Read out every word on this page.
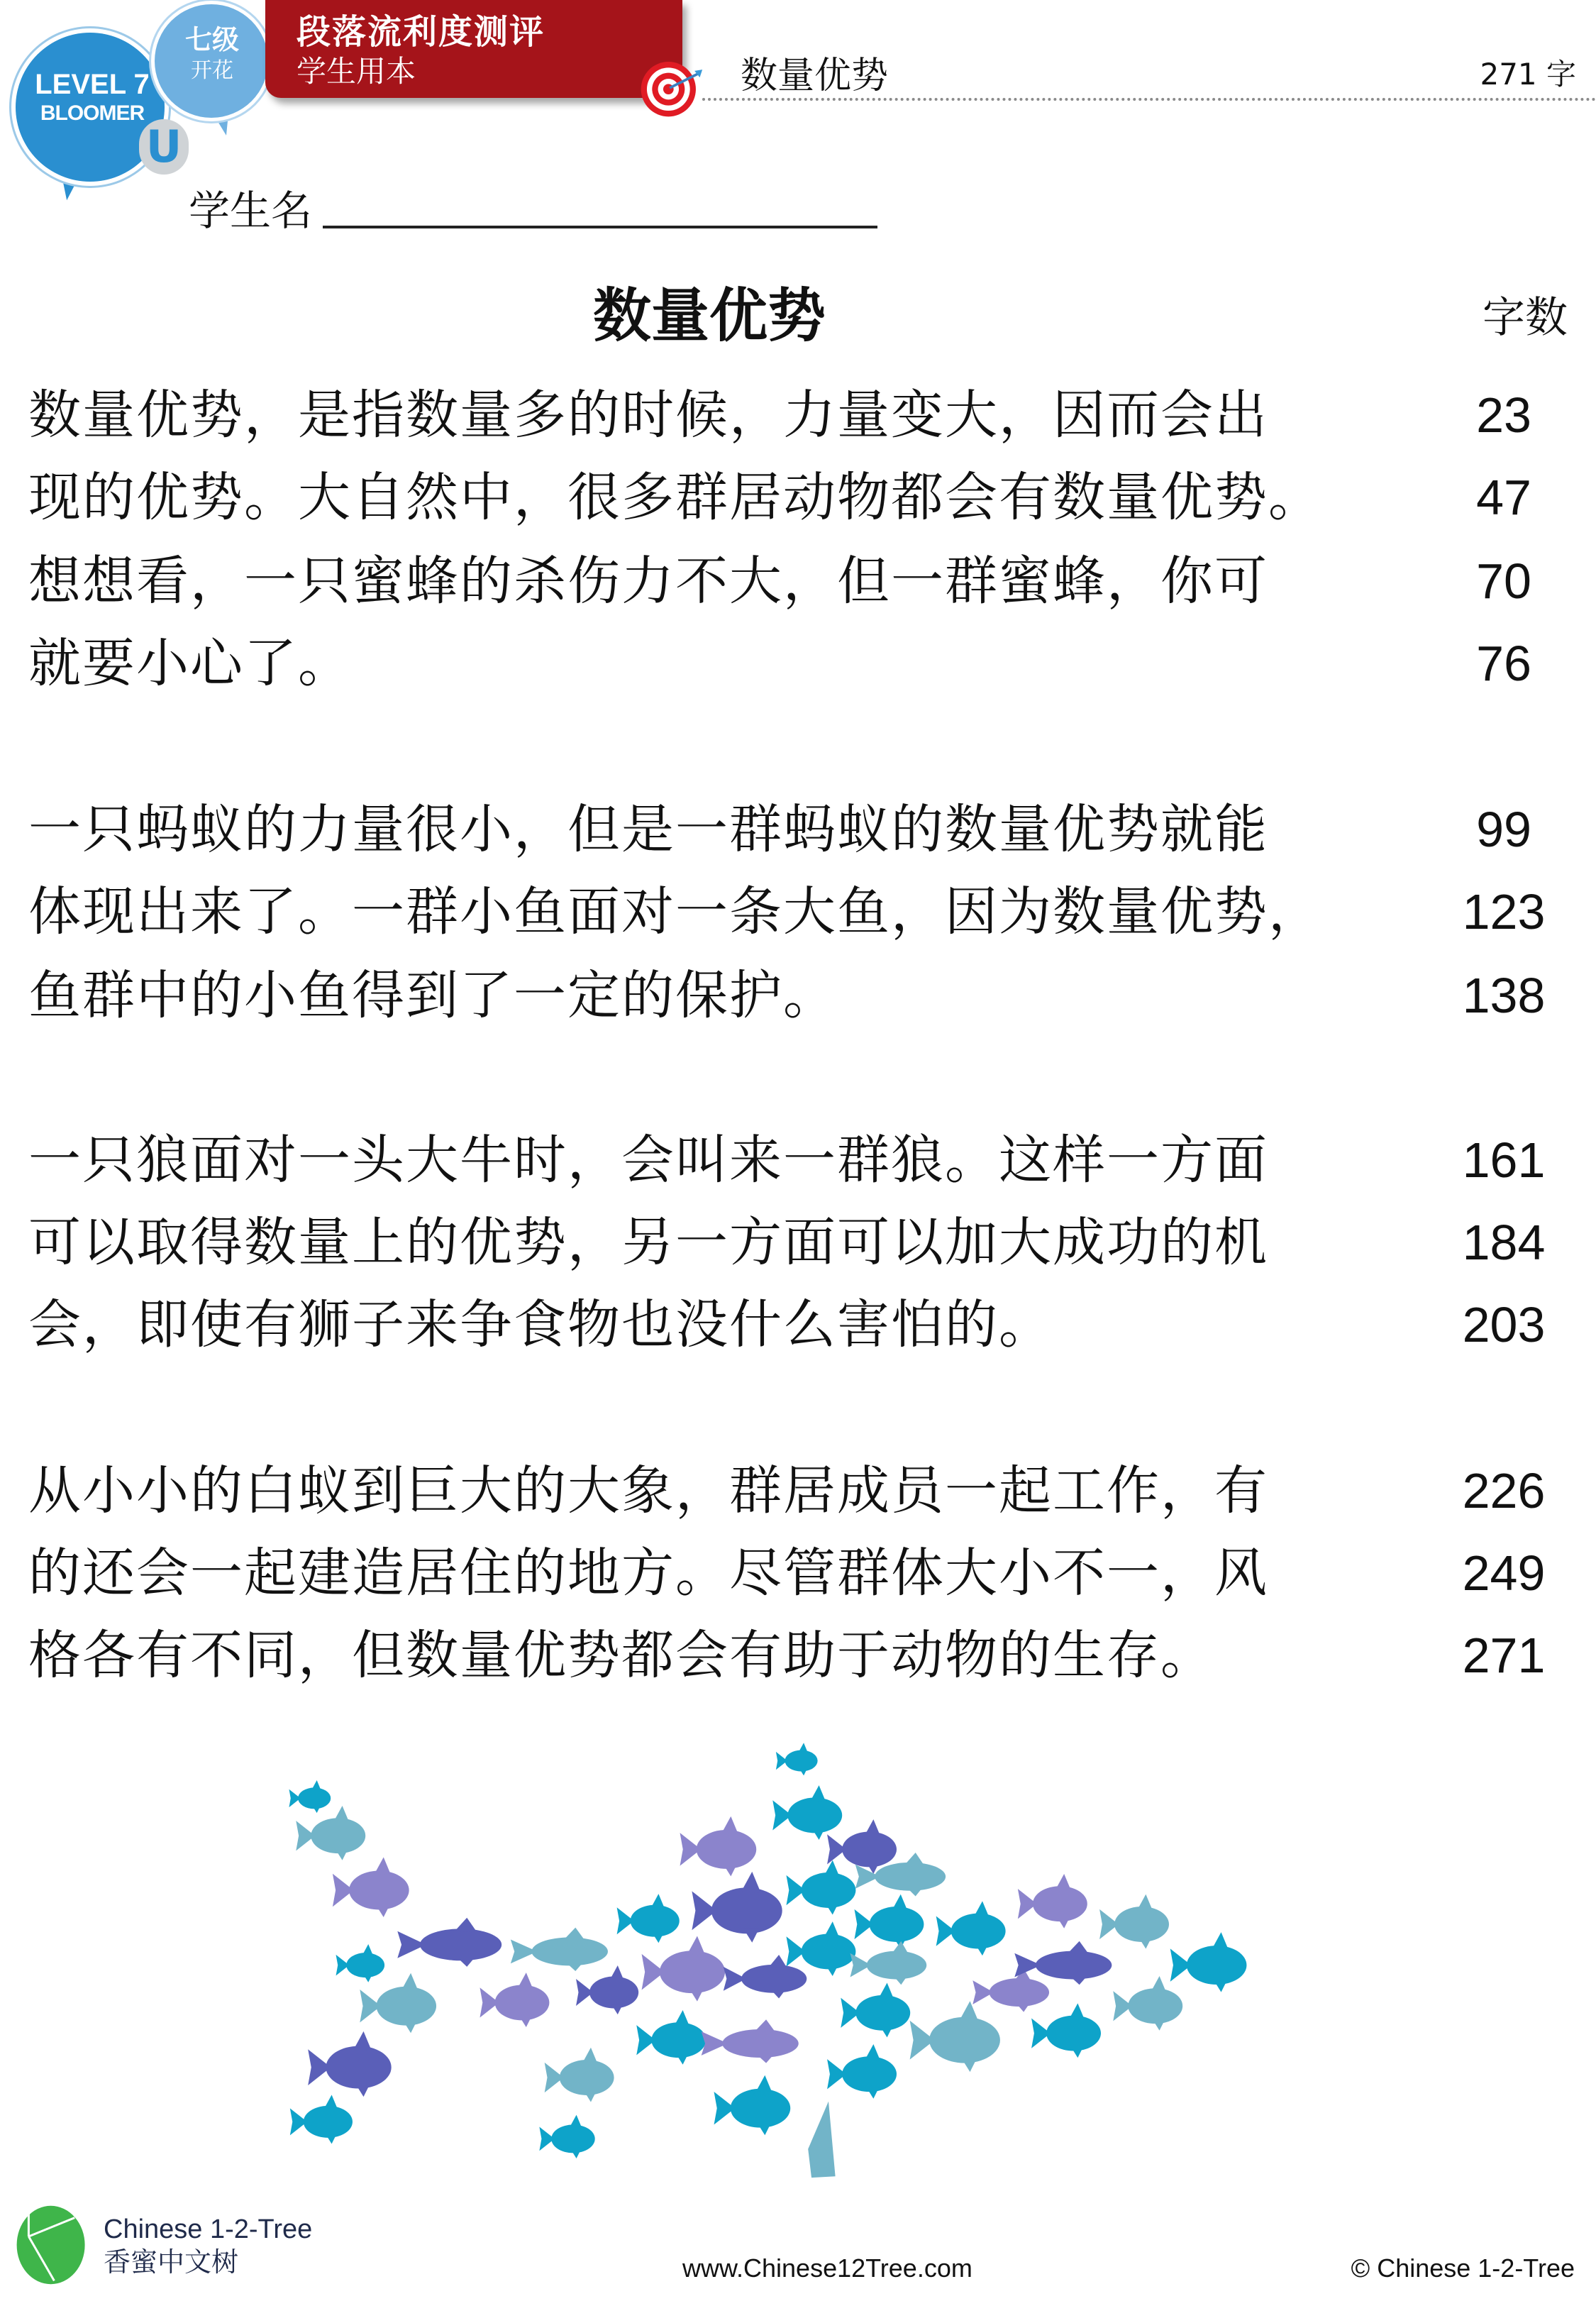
LEVEL 7
BLOOMER
七级
开花
U
段落流利度测评
学生用本	数量优势	271 字
学生名
数量优势	字数
数量优势，是指数量多的时候，力量变大，因而会出	23
现的优势。大自然中，很多群居动物都会有数量优势。	47
想想看，一只蜜蜂的杀伤力不大，但一群蜜蜂，你可	70
就要小心了。	76
一只蚂蚁的力量很小，但是一群蚂蚁的数量优势就能	99
体现出来了。一群小鱼面对一条大鱼，因为数量优势，	123
鱼群中的小鱼得到了一定的保护。	138
一只狼面对一头大牛时，会叫来一群狼。这样一方面	161
可以取得数量上的优势，另一方面可以加大成功的机	184
会，即使有狮子来争食物也没什么害怕的。	203
从小小的白蚁到巨大的大象，群居成员一起工作，有	226
的还会一起建造居住的地方。尽管群体大小不一，风	249
格各有不同，但数量优势都会有助于动物的生存。	271
Chinese 1-2-Tree
香蜜中文树	www.Chinese12Tree.com	© Chinese 1-2-Tree
